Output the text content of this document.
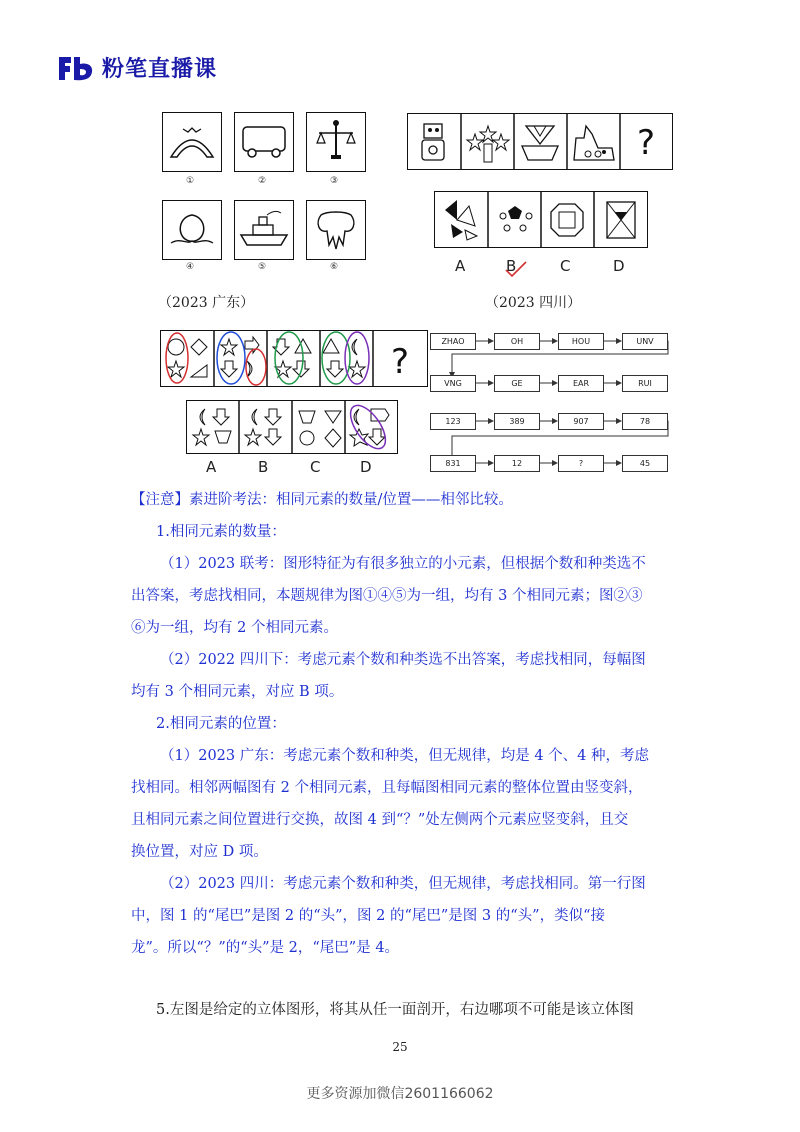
粉笔直播课
①	②	③
④	⑤	⑥
（2023 广东）
?
A	B	C	D
（2023 四川）
?
A	B	C	D
ZHAO	OH	HOU	UNV
VNG	GE	EAR	RUI
123	389	907	78
831	12	?	45
【注意】素进阶考法：相同元素的数量/位置——相邻比较。
1.相同元素的数量：
（1）2023 联考：图形特征为有很多独立的小元素，但根据个数和种类选不
出答案，考虑找相同，本题规律为图①④⑤为一组，均有 3 个相同元素；图②③
⑥为一组，均有 2 个相同元素。
（2）2022 四川下：考虑元素个数和种类选不出答案，考虑找相同，每幅图
均有 3 个相同元素，对应 B 项。
2.相同元素的位置：
（1）2023 广东：考虑元素个数和种类，但无规律，均是 4 个、4 种，考虑
找相同。相邻两幅图有 2 个相同元素，且每幅图相同元素的整体位置由竖变斜，
且相同元素之间位置进行交换，故图 4 到“？”处左侧两个元素应竖变斜，且交
换位置，对应 D 项。
（2）2023 四川：考虑元素个数和种类，但无规律，考虑找相同。第一行图
中，图 1 的“尾巴”是图 2 的“头”，图 2 的“尾巴”是图 3 的“头”，类似“接
龙”。所以“？”的“头”是 2，“尾巴”是 4。
5.左图是给定的立体图形，将其从任一面剖开，右边哪项不可能是该立体图
25
更多资源加微信2601166062
